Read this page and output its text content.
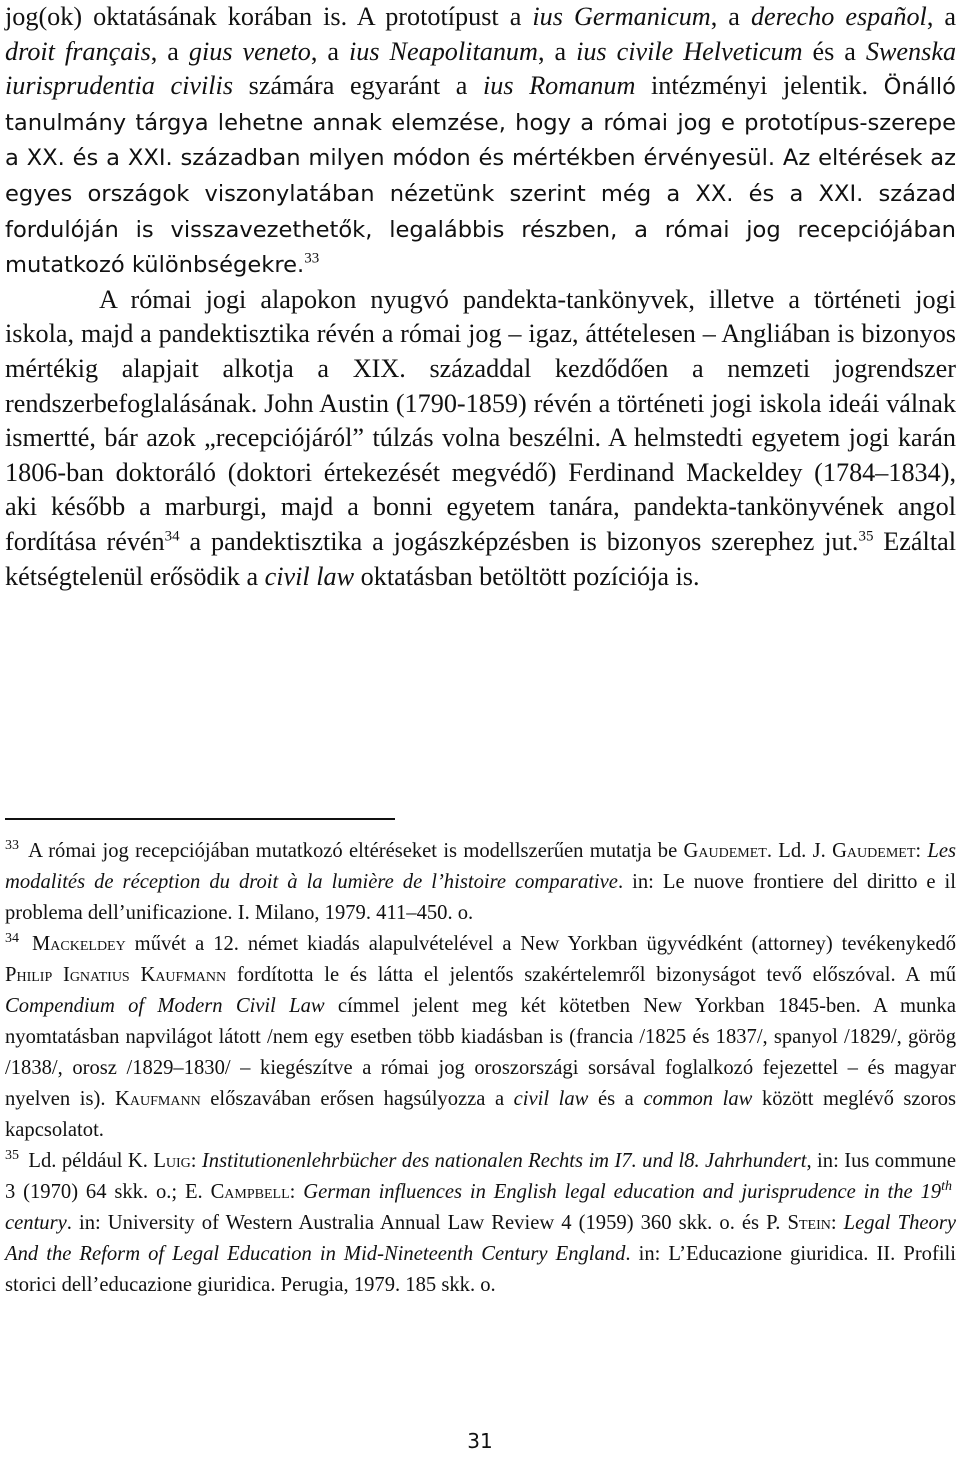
jog(ok) oktatásának korában is. A prototípust a ius Germanicum, a derecho español, a droit français, a gius veneto, a ius Neapolitanum, a ius civile Helveticum és a Swenska iurisprudentia civilis számára egyaránt a ius Romanum intézményi jelentik. Önálló tanulmány tárgya lehetne annak elemzése, hogy a római jog e prototípus-szerepe a XX. és a XXI. században milyen módon és mértékben érvényesül. Az eltérések az egyes országok viszonylatában nézetünk szerint még a XX. és a XXI. század fordulóján is visszavezethetők, legalábbis részben, a római jog recepciójában mutatkozó különbségekre.$^{33}$

A római jogi alapokon nyugvó pandekta-tankönyvek, illetve a történeti jogi iskola, majd a pandektisztika révén a római jog – igaz, áttételesen – Angliában is bizonyos mértékig alapjait alkotja a XIX. századdal kezdődően a nemzeti jogrendszer rendszerbefoglalásának. John Austin (1790-1859) révén a történeti jogi iskola ideái válnak ismertté, bár azok „recepciójáról” túlzás volna beszélni. A helmstedti egyetem jogi karán 1806-ban doktoráló (doktori értekezését megvédő) Ferdinand Mackeldey (1784–1834), aki később a marburgi, majd a bonni egyetem tanára, pandekta-tankönyvének angol fordítása révén$^{34}$ a pandektisztika a jogászképzésben is bizonyos szerephez jut.$^{35}$ Ezáltal kétségtelenül erősödik a civil law oktatásban betöltött pozíciója is.

$^{33}$ A római jog recepciójában mutatkozó eltéréseket is modellszerűen mutatja be Gaudemet. Ld. J. Gaudemet: Les modalités de réception du droit à la lumière de l’histoire comparative. in: Le nuove frontiere del diritto e il problema dell’unificazione. I. Milano, 1979. 411–450. o.

$^{34}$ Mackeldey művét a 12. német kiadás alapulvételével a New Yorkban ügyvédként (attorney) tevékenykedő Philip Ignatius Kaufmann fordította le és látta el jelentős szakértelemről bizonyságot tevő előszóval. A mű Compendium of Modern Civil Law címmel jelent meg két kötetben New Yorkban 1845-ben. A munka nyomtatásban napvilágot látott /nem egy esetben több kiadásban is (francia /1825 és 1837/, spanyol /1829/, görög /1838/, orosz /1829–1830/ – kiegészítve a római jog oroszországi sorsával foglalkozó fejezettel – és magyar nyelven is). Kaufmann előszavában erősen hagsúlyozza a civil law és a common law között meglévő szoros kapcsolatot.

$^{35}$ Ld. például K. Luig: Institutionenlehrbücher des nationalen Rechts im I7. und l8. Jahrhundert, in: Ius commune 3 (1970) 64 skk. o.; E. Campbell: German influences in English legal education and jurisprudence in the 19th century. in: University of Western Australia Annual Law Review 4 (1959) 360 skk. o. és P. Stein: Legal Theory And the Reform of Legal Education in Mid-Nineteenth Century England. in: L’Educazione giuridica. II. Profili storici dell’educazione giuridica. Perugia, 1979. 185 skk. o.

31
